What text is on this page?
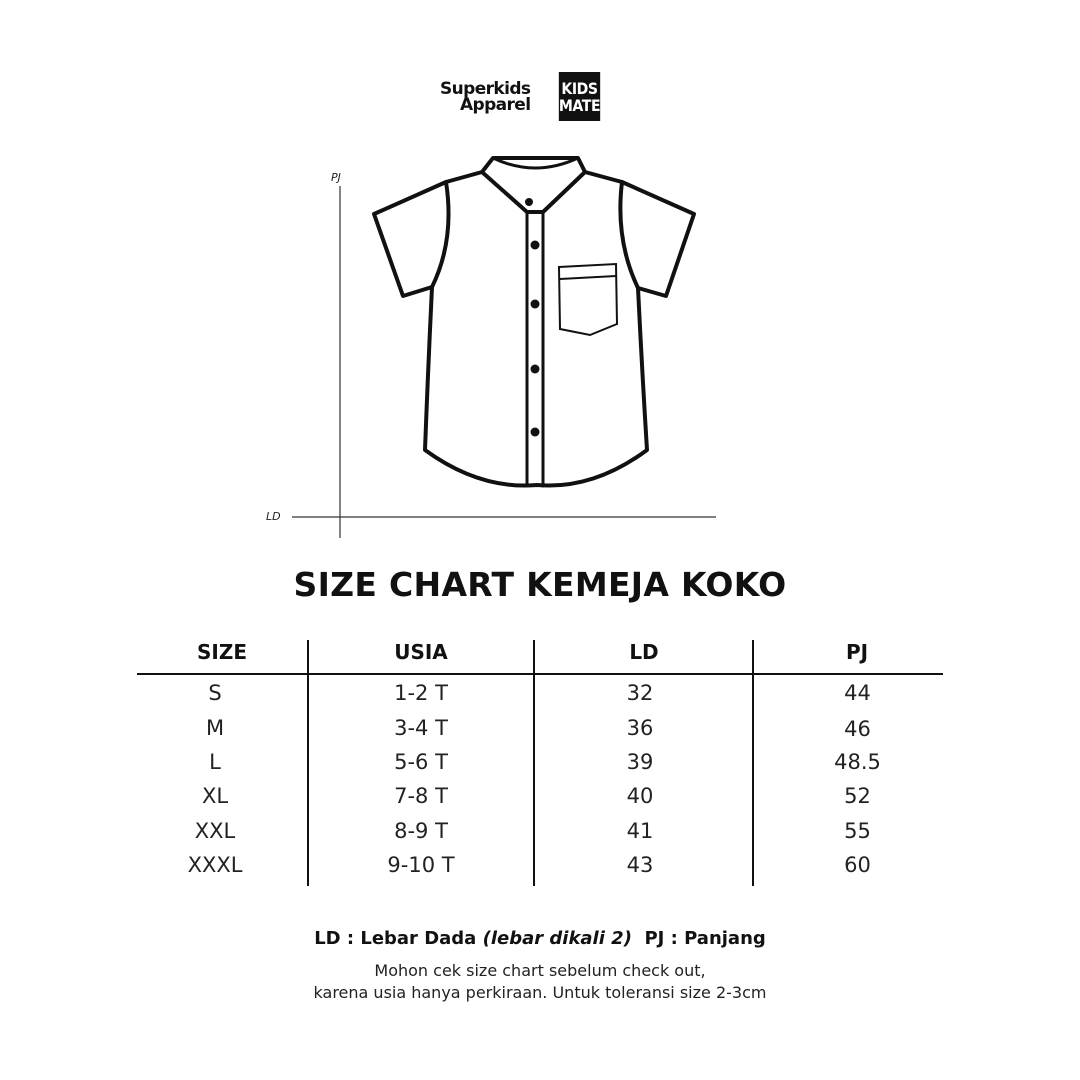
Superkids
Apparel
KIDS
MATE
PJ
LD
SIZE CHART KEMEJA KOKO
SIZE	USIA	LD	PJ
S	1-2 T	32	44
M	3-4 T	36	46
L	5-6 T	39	48.5
XL	7-8 T	40	52
XXL	8-9 T	41	55
XXXL	9-10 T	43	60
LD : Lebar Dada (lebar dikali 2) PJ : Panjang
Mohon cek size chart sebelum check out,
karena usia hanya perkiraan. Untuk toleransi size 2-3cm
